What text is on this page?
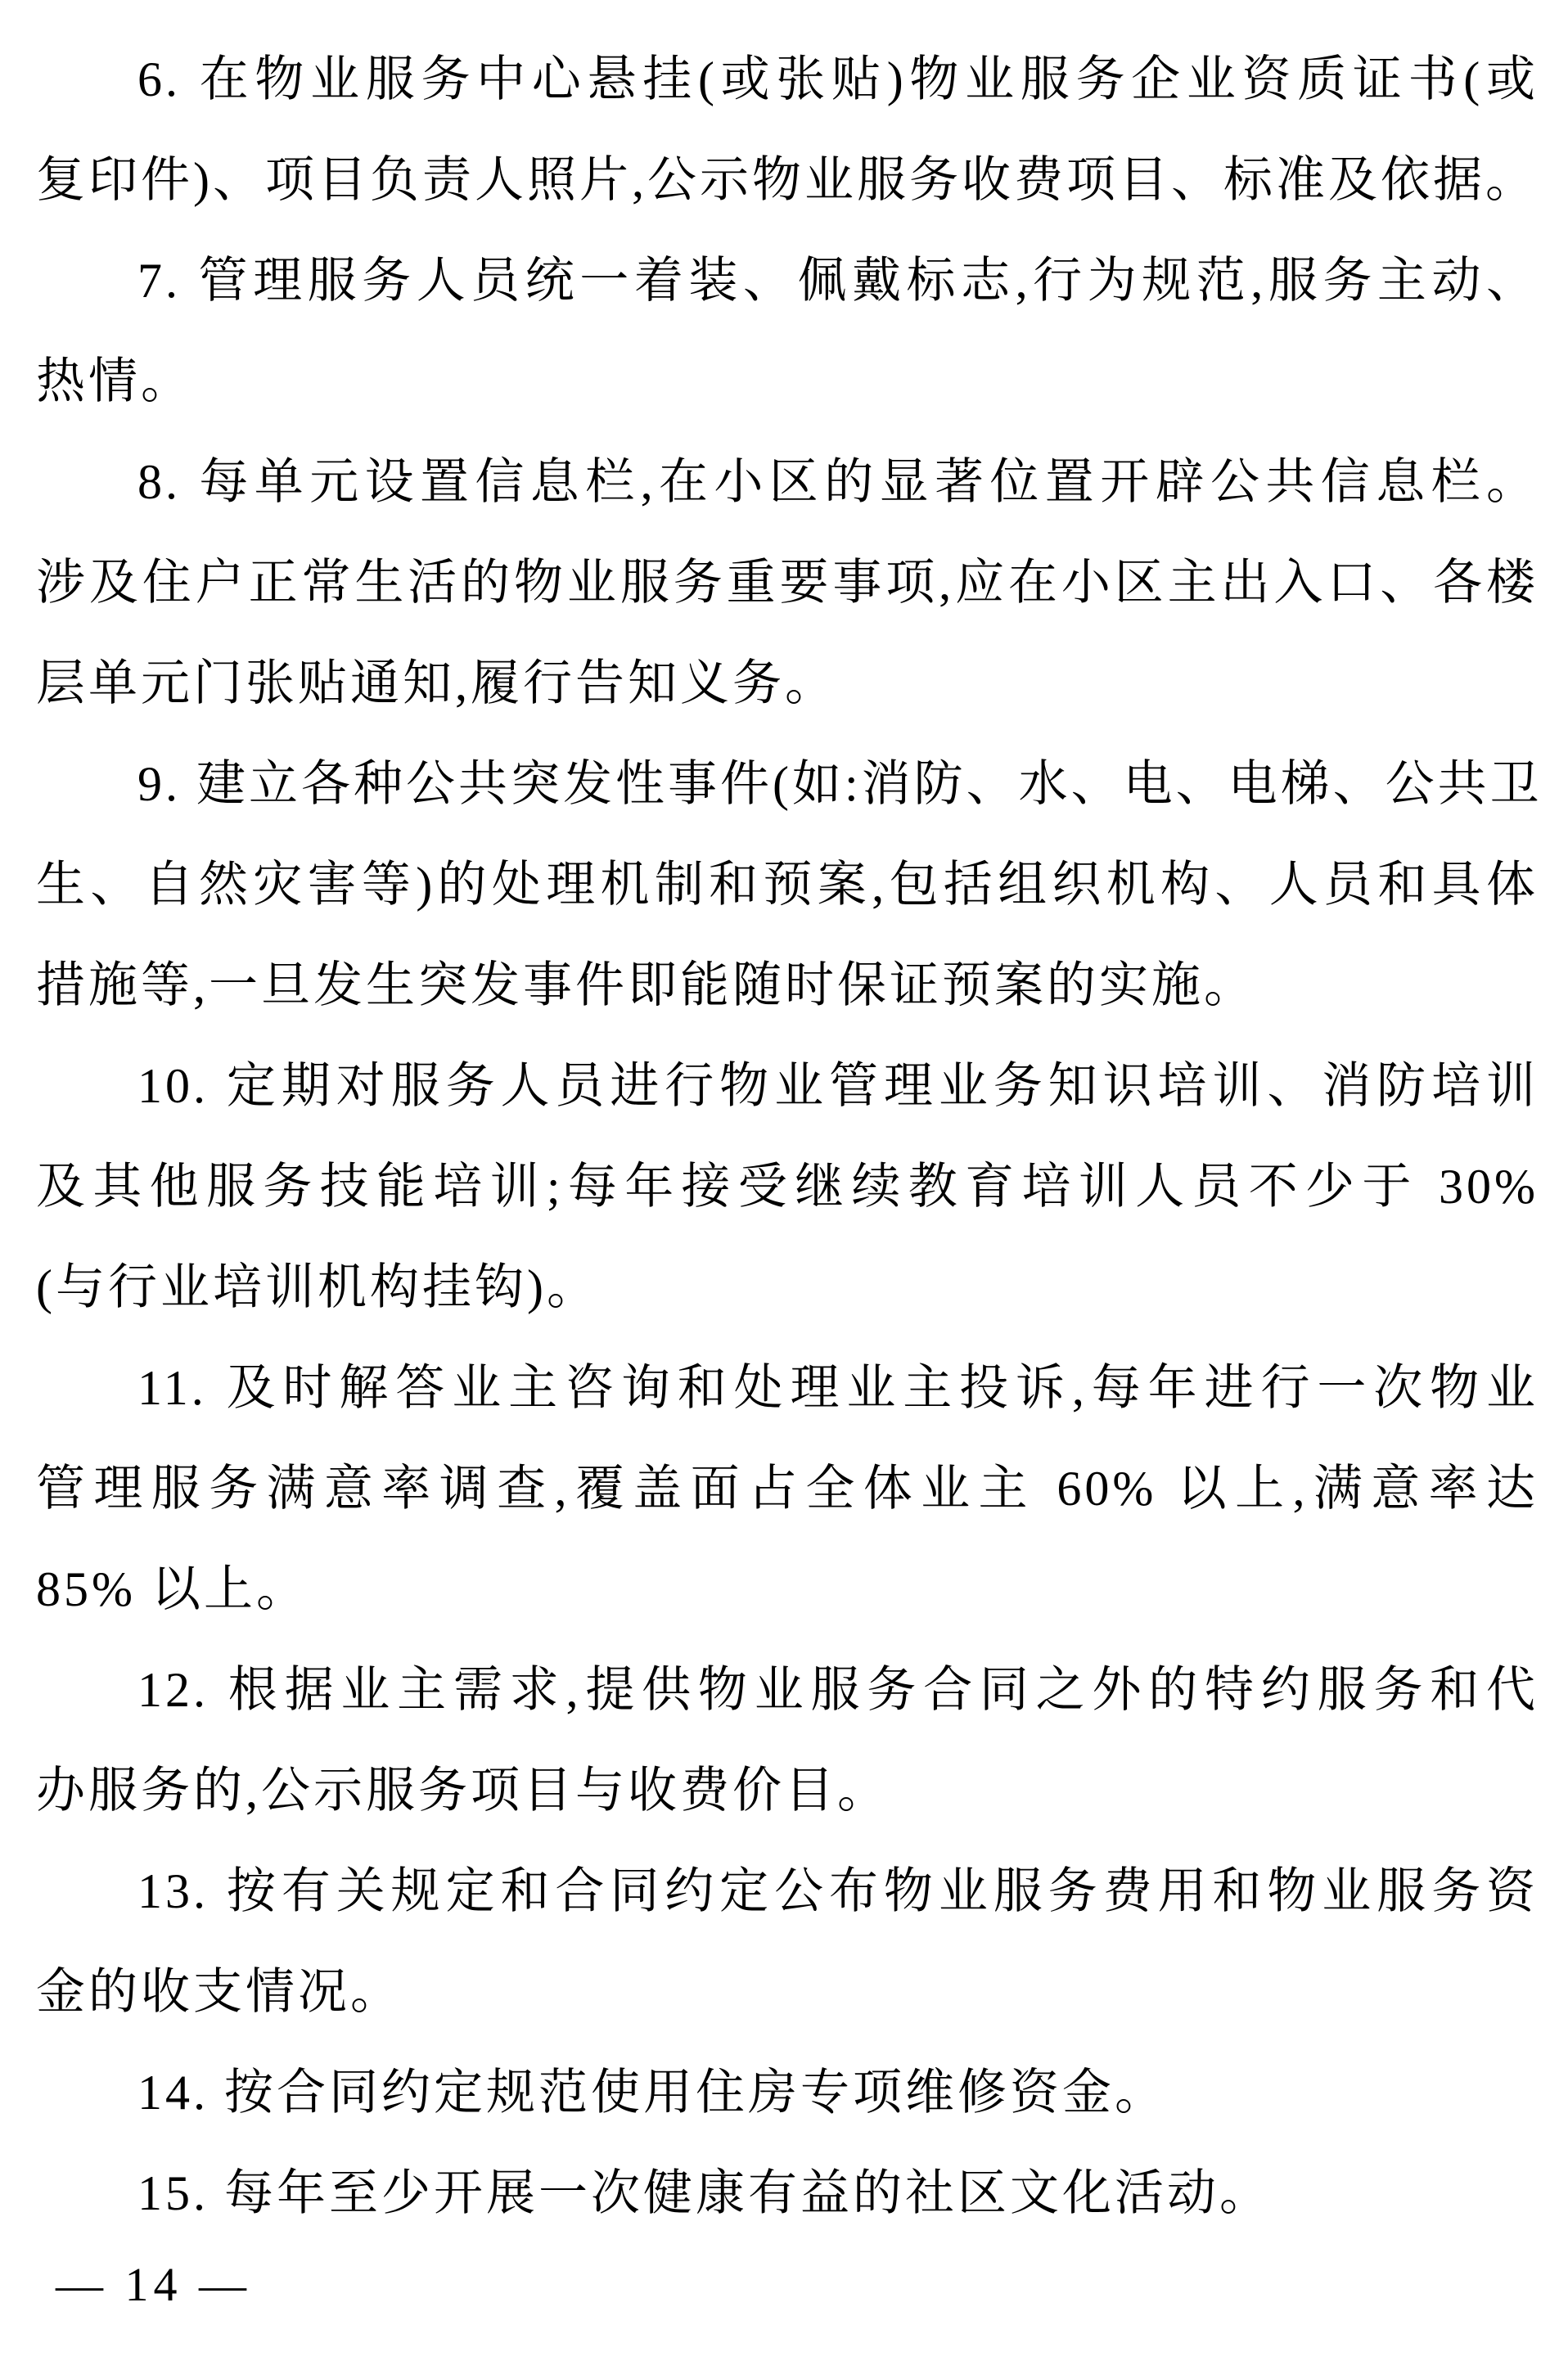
6. 在物业服务中心悬挂(或张贴)物业服务企业资质证书(或
复印件)、项目负责人照片,公示物业服务收费项目、标准及依据。

7. 管理服务人员统一着装、佩戴标志,行为规范,服务主动、
热情。

8. 每单元设置信息栏,在小区的显著位置开辟公共信息栏。
涉及住户正常生活的物业服务重要事项,应在小区主出入口、各楼
层单元门张贴通知,履行告知义务。

9. 建立各种公共突发性事件(如:消防、水、电、电梯、公共卫
生、自然灾害等)的处理机制和预案,包括组织机构、人员和具体
措施等,一旦发生突发事件即能随时保证预案的实施。

10. 定期对服务人员进行物业管理业务知识培训、消防培训
及其他服务技能培训;每年接受继续教育培训人员不少于 30%
(与行业培训机构挂钩)。

11. 及时解答业主咨询和处理业主投诉,每年进行一次物业
管理服务满意率调查,覆盖面占全体业主 60% 以上,满意率达
85% 以上。

12. 根据业主需求,提供物业服务合同之外的特约服务和代
办服务的,公示服务项目与收费价目。

13. 按有关规定和合同约定公布物业服务费用和物业服务资
金的收支情况。

14. 按合同约定规范使用住房专项维修资金。

15. 每年至少开展一次健康有益的社区文化活动。

— 14 —
